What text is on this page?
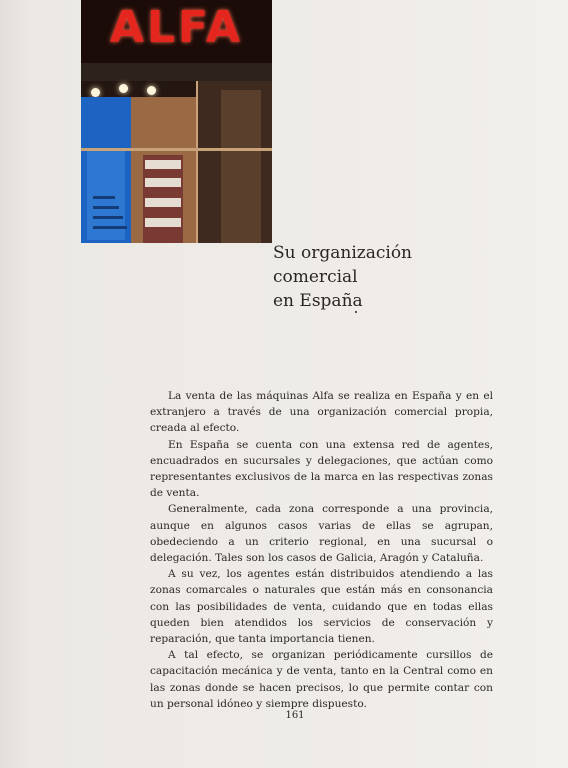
ALFA
Su organización
comercial
en España

La venta de las máquinas Alfa se realiza en España y en el extranjero a través de una organización comercial propia, creada al efecto.

En España se cuenta con una extensa red de agentes, encuadrados en sucursales y delegaciones, que actúan como representantes exclusivos de la marca en las respectivas zonas de venta.

Generalmente, cada zona corresponde a una provincia, aunque en algunos casos varias de ellas se agrupan, obedeciendo a un criterio regional, en una sucursal o delegación. Tales son los casos de Galicia, Aragón y Cataluña.

A su vez, los agentes están distribuidos atendiendo a las zonas comarcales o naturales que están más en consonancia con las posibilidades de venta, cuidando que en todas ellas queden bien atendidos los servicios de conservación y reparación, que tanta importancia tienen.

A tal efecto, se organizan periódicamente cursillos de capacitación mecánica y de venta, tanto en la Central como en las zonas donde se hacen precisos, lo que permite contar con un personal idóneo y siempre dispuesto.

161
